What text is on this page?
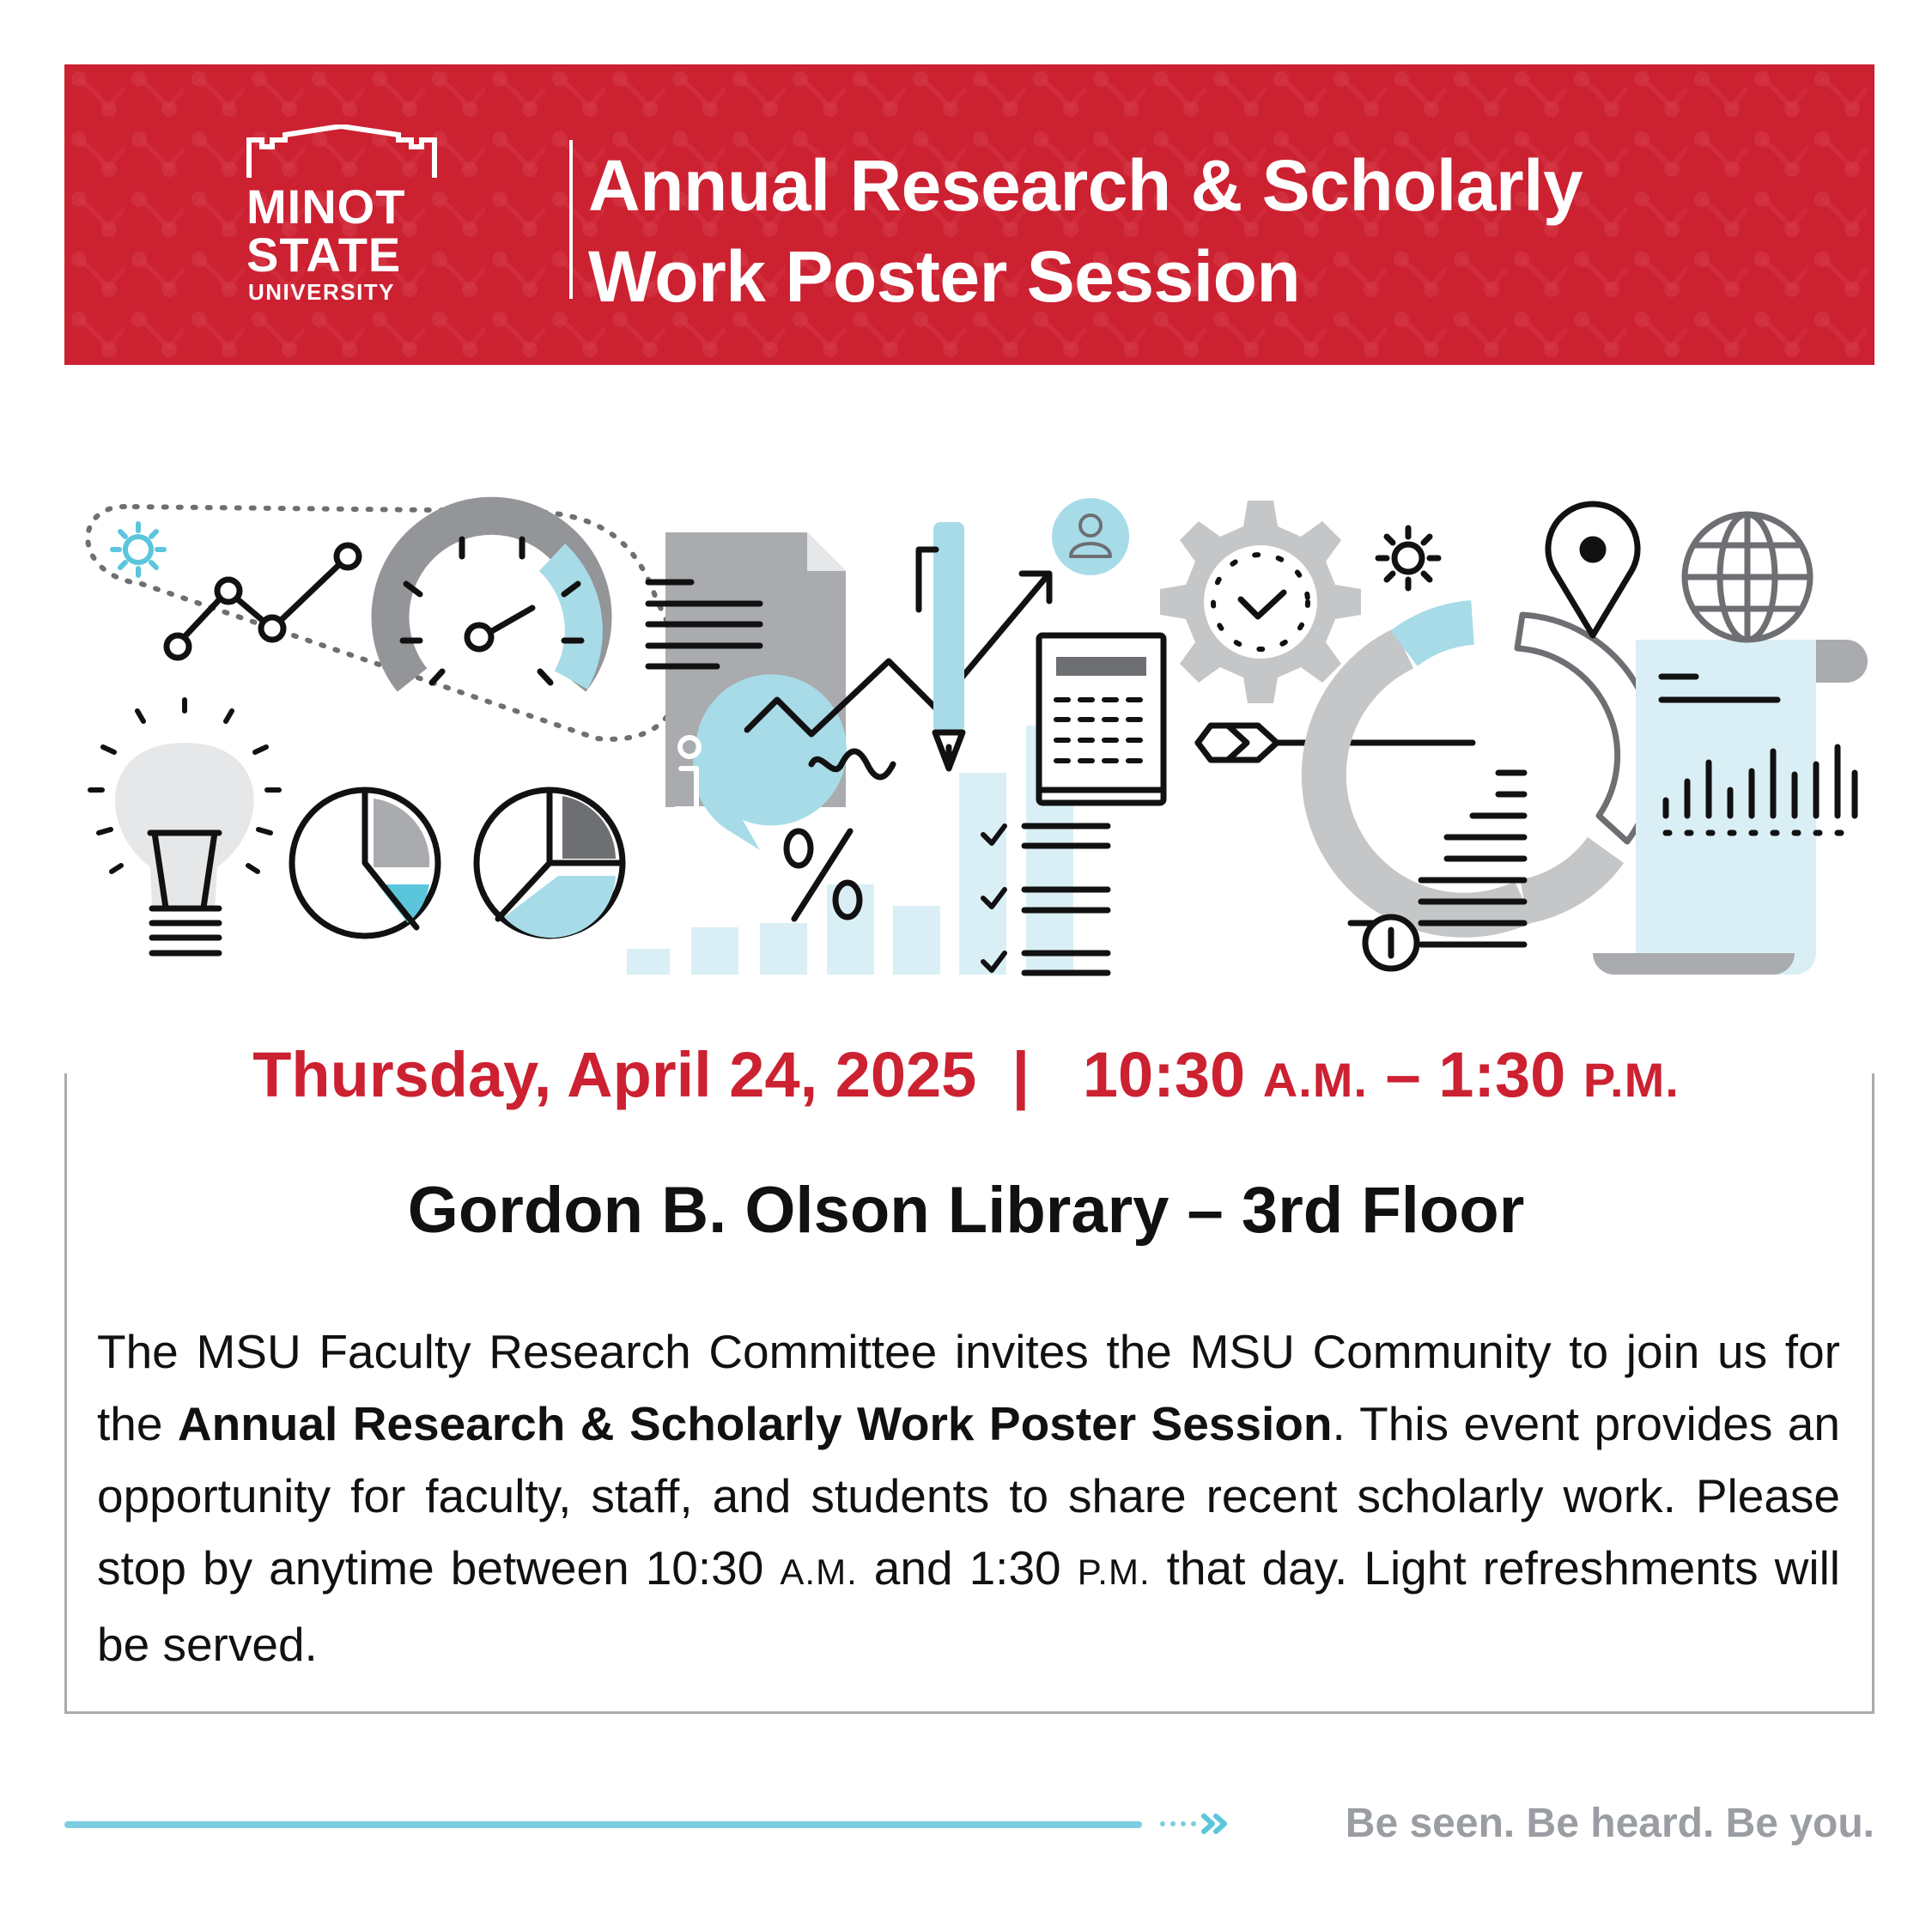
MINOT
STATE
UNIVERSITY
Annual Research & Scholarly
Work Poster Session
Thursday, April 24, 2025 | 10:30 A.M. – 1:30 P.M.
Gordon B. Olson Library – 3rd Floor
The MSU Faculty Research Committee invites the MSU Community to join us for the Annual Research & Scholarly Work Poster Session. This event provides an opportunity for faculty, staff, and students to share recent scholarly work. Please stop by anytime between 10:30 A.M. and 1:30 P.M. that day. Light refreshments will be served.
Be seen. Be heard. Be you.
